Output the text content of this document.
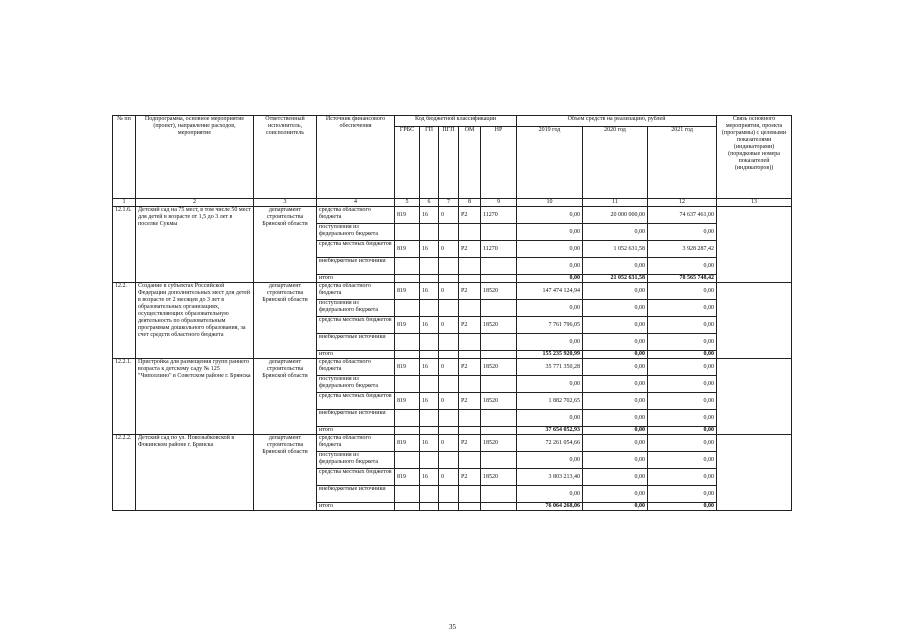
№ пп	Подпрограмма, основное мероприятие (проект), направление расходов, мероприятие	Ответственный исполнитель, соисполнитель	Источник финансового обеспечения	Код бюджетной классификации					Объем средств на реализацию, рублей			Связь основного мероприятия, проекта (программы) с целевыми показателями (индикаторами) (порядковые номера показателей (индикаторов))
				ГРБС	ГП	ПГП	ОМ	НР	2019 год	2020 год	2021 год	
1	2	3	4	5	6	7	8	9	10	11	12	13
12.1.6.	Детский сад на 75 мест, в том числе 50 мест для детей в возрасте от 1,5 до 3 лет в поселке Сукмы	департамент строительства Брянской области	средства областного бюджета	819	16	0	P2	11270	0,00	20 000 000,00	74 637 461,00	
			поступления из федерального бюджета						0,00	0,00	0,00	
			средства местных бюджетов	819	16	0	P2	11270	0,00	1 052 631,58	3 928 287,42	
			внебюджетные источники						0,00	0,00	0,00	
			итого						0,00	21 052 631,58	78 565 748,42	
12.2.	Создание в субъектах Российской Федерации дополнительных мест для детей в возрасте от 2 месяцев до 3 лет в образовательных организациях, осуществляющих образовательную деятельность по образовательным программам дошкольного образования, за счет средств областного бюджета	департамент строительства Брянской области	средства областного бюджета	819	16	0	P2	18520	147 474 124,94	0,00	0,00	
			поступления из федерального бюджета						0,00	0,00	0,00	
			средства местных бюджетов	819	16	0	P2	18520	7 761 796,05	0,00	0,00	
			внебюджетные источники						0,00	0,00	0,00	
			итого						155 235 920,99	0,00	0,00	
12.2.1.	Пристройка для размещения групп раннего возраста к детскому саду № 125 "Чиполлино" в Советском районе г. Брянска	департамент строительства Брянской области	средства областного бюджета	819	16	0	P2	18520	35 771 350,28	0,00	0,00	
			поступления из федерального бюджета						0,00	0,00	0,00	
			средства местных бюджетов	819	16	0	P2	18520	1 882 702,65	0,00	0,00	
			внебюджетные источники						0,00	0,00	0,00	
			итого						37 654 052,93	0,00	0,00	
12.2.2.	Детский сад по ул. Новозыбковской в Фокинском районе г. Брянска	департамент строительства Брянской области	средства областного бюджета	819	16	0	P2	18520	72 261 054,66	0,00	0,00	
			поступления из федерального бюджета						0,00	0,00	0,00	
			средства местных бюджетов	819	16	0	P2	18520	3 803 213,40	0,00	0,00	
			внебюджетные источники						0,00	0,00	0,00	
			итого						76 064 268,06	0,00	0,00	
35
